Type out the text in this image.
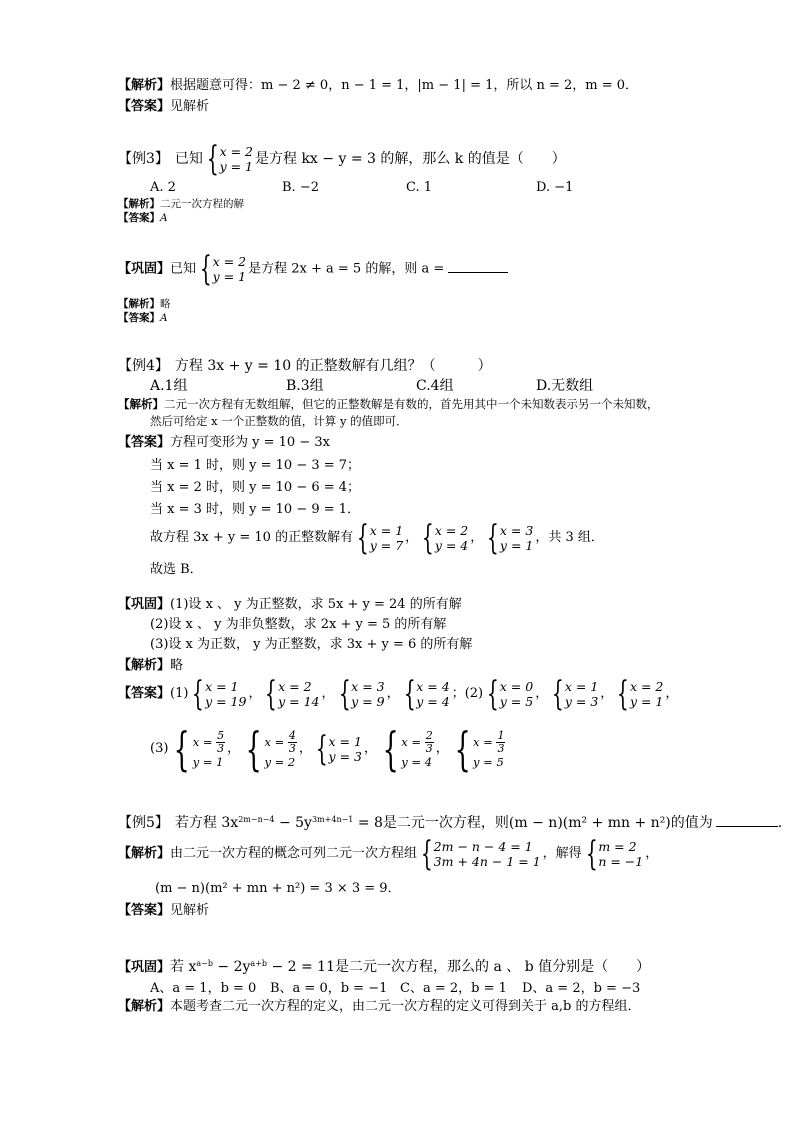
【解析】根据题意可得：m − 2 ≠ 0，n − 1 = 1，|m − 1| = 1，所以 n = 2，m = 0．
【答案】见解析
【例3】 已知 { x = 2
y = 1 是方程 kx − y = 3 的解，那么 k 的值是（　　）
A. 2	B. −2	C. 1	D. −1
【解析】二元一次方程的解
【答案】A
【巩固】已知 { x = 2
y = 1 是方程 2x + a = 5 的解，则 a =
【解析】略
【答案】A
【例4】 方程 3x + y = 10 的正整数解有几组？（　　　）
A.1组	B.3组	C.4组	D.无数组
【解析】二元一次方程有无数组解，但它的正整数解是有数的，首先用其中一个未知数表示另一个未知数，
然后可给定 x 一个正整数的值，计算 y 的值即可．
【答案】方程可变形为 y = 10 − 3x
当 x = 1 时，则 y = 10 − 3 = 7；
当 x = 2 时，则 y = 10 − 6 = 4；
当 x = 3 时，则 y = 10 − 9 = 1．
故方程 3x + y = 10 的正整数解有 { x = 1
y = 7
， { x = 2
y = 4
， { x = 3
y = 1
，共 3 组．
故选 B．
【巩固】(1)设 x 、 y 为正整数，求 5x + y = 24 的所有解
(2)设 x 、 y 为非负整数，求 2x + y = 5 的所有解
(3)设 x 为正数， y 为正整数，求 3x + y = 6 的所有解
【解析】略
【答案】 (1) { x = 1
y = 19
， { x = 2
y = 14
， { x = 3
y = 9
， { x = 4
y = 4
；(2) { x = 0
y = 5
， { x = 1
y = 3
， { x = 2
y = 1
，
(3) { x =
$\frac{5}{3}$
y = 1
， { x =
$\frac{4}{3}$
y = 2
， { x = 1
y = 3
， { x =
$\frac{2}{3}$
y = 4
， { x =
$\frac{1}{3}$
y = 5
【例5】 若方程 $3x^{2m-n-4} - 5y^{3m+4n-1} = 8$是二元一次方程，则(m − n)(m² + mn + n²)的值为	.
【解析】 由二元一次方程的概念可列二元一次方程组 { 2m − n − 4 = 1
3m + 4n − 1 = 1
，解得 { m = 2
n = −1
，
(m − n)(m² + mn + n²) = 3 × 3 = 9．
【答案】见解析
【巩固】若 $x^{a-b} - 2y^{a+b} - 2 = 11$是二元一次方程，那么的 a 、 b 值分别是（　　）
A、a = 1，b = 0 B、a = 0，b = −1 C、a = 2，b = 1 D、a = 2，b = −3
【解析】本题考查二元一次方程的定义，由二元一次方程的定义可得到关于 a,b 的方程组．
